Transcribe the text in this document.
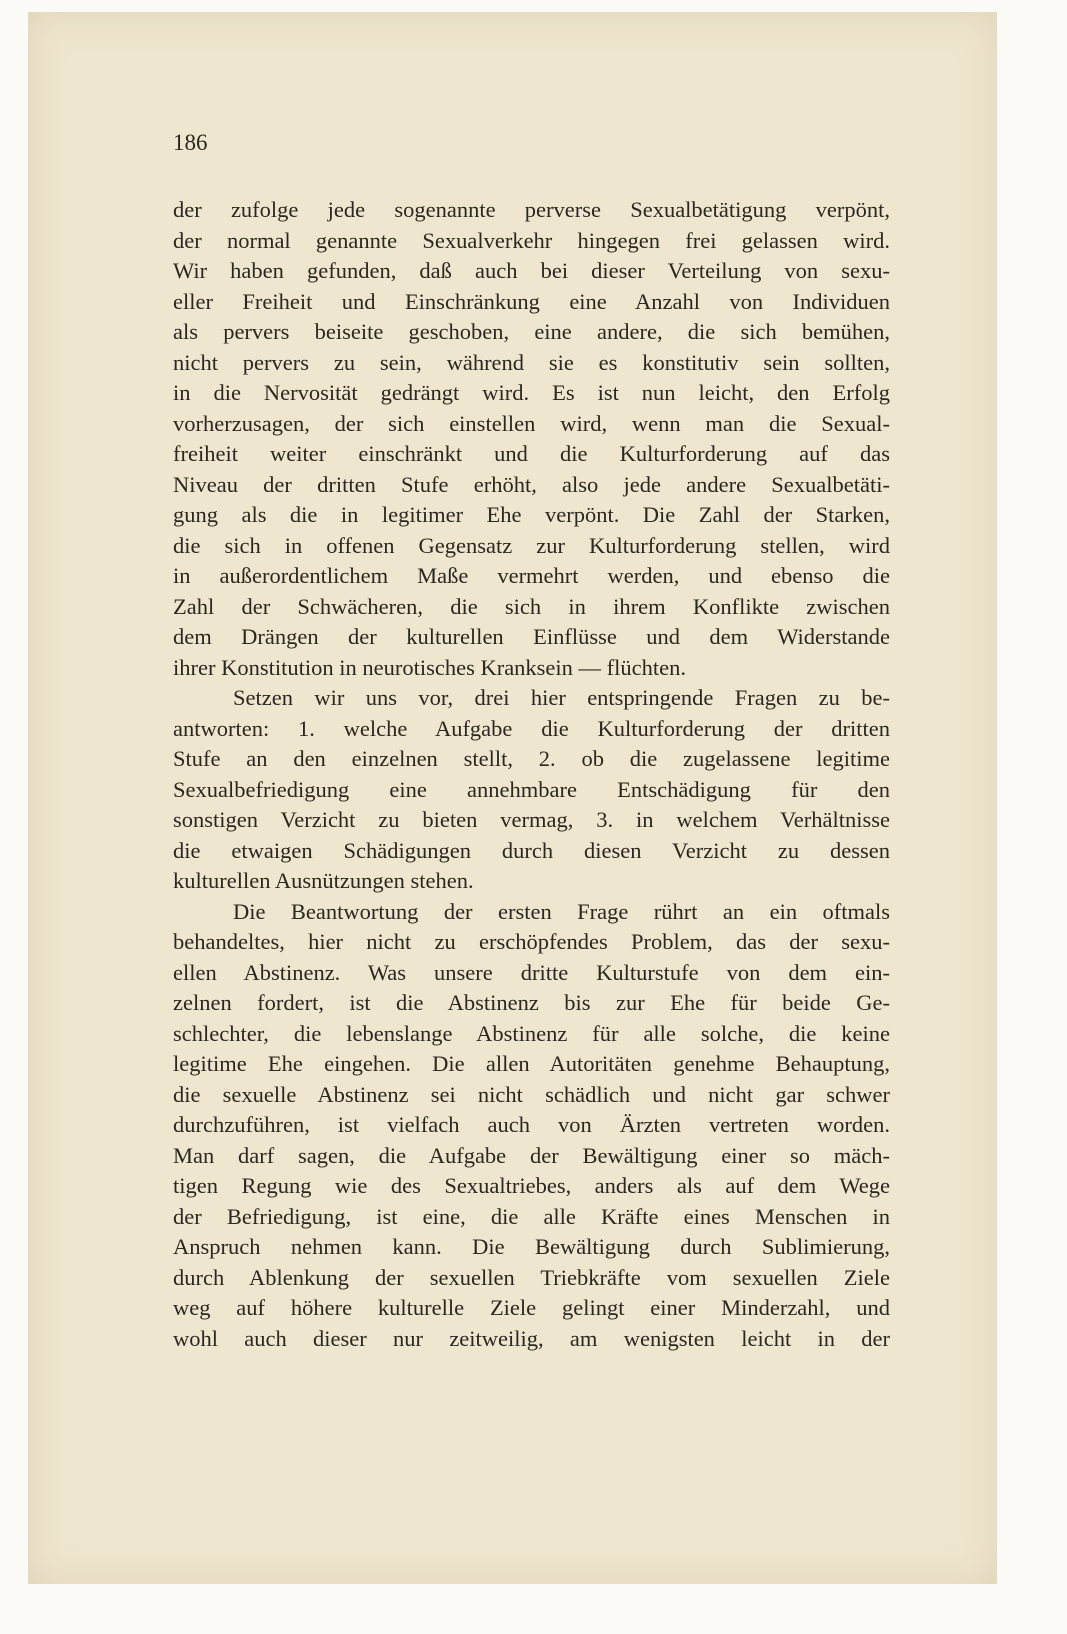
186
der zufolge jede sogenannte perverse Sexualbetätigung verpönt,
der normal genannte Sexualverkehr hingegen frei gelassen wird.
Wir haben gefunden, daß auch bei dieser Verteilung von sexu-
eller Freiheit und Einschränkung eine Anzahl von Individuen
als pervers beiseite geschoben, eine andere, die sich bemühen,
nicht pervers zu sein, während sie es konstitutiv sein sollten,
in die Nervosität gedrängt wird. Es ist nun leicht, den Erfolg
vorherzusagen, der sich einstellen wird, wenn man die Sexual-
freiheit weiter einschränkt und die Kulturforderung auf das
Niveau der dritten Stufe erhöht, also jede andere Sexualbetäti-
gung als die in legitimer Ehe verpönt. Die Zahl der Starken,
die sich in offenen Gegensatz zur Kulturforderung stellen, wird
in außerordentlichem Maße vermehrt werden, und ebenso die
Zahl der Schwächeren, die sich in ihrem Konflikte zwischen
dem Drängen der kulturellen Einflüsse und dem Widerstande
ihrer Konstitution in neurotisches Kranksein — flüchten.
Setzen wir uns vor, drei hier entspringende Fragen zu be-
antworten: 1. welche Aufgabe die Kulturforderung der dritten
Stufe an den einzelnen stellt, 2. ob die zugelassene legitime
Sexualbefriedigung eine annehmbare Entschädigung für den
sonstigen Verzicht zu bieten vermag, 3. in welchem Verhältnisse
die etwaigen Schädigungen durch diesen Verzicht zu dessen
kulturellen Ausnützungen stehen.
Die Beantwortung der ersten Frage rührt an ein oftmals
behandeltes, hier nicht zu erschöpfendes Problem, das der sexu-
ellen Abstinenz. Was unsere dritte Kulturstufe von dem ein-
zelnen fordert, ist die Abstinenz bis zur Ehe für beide Ge-
schlechter, die lebenslange Abstinenz für alle solche, die keine
legitime Ehe eingehen. Die allen Autoritäten genehme Behauptung,
die sexuelle Abstinenz sei nicht schädlich und nicht gar schwer
durchzuführen, ist vielfach auch von Ärzten vertreten worden.
Man darf sagen, die Aufgabe der Bewältigung einer so mäch-
tigen Regung wie des Sexualtriebes, anders als auf dem Wege
der Befriedigung, ist eine, die alle Kräfte eines Menschen in
Anspruch nehmen kann. Die Bewältigung durch Sublimierung,
durch Ablenkung der sexuellen Triebkräfte vom sexuellen Ziele
weg auf höhere kulturelle Ziele gelingt einer Minderzahl, und
wohl auch dieser nur zeitweilig, am wenigsten leicht in der
